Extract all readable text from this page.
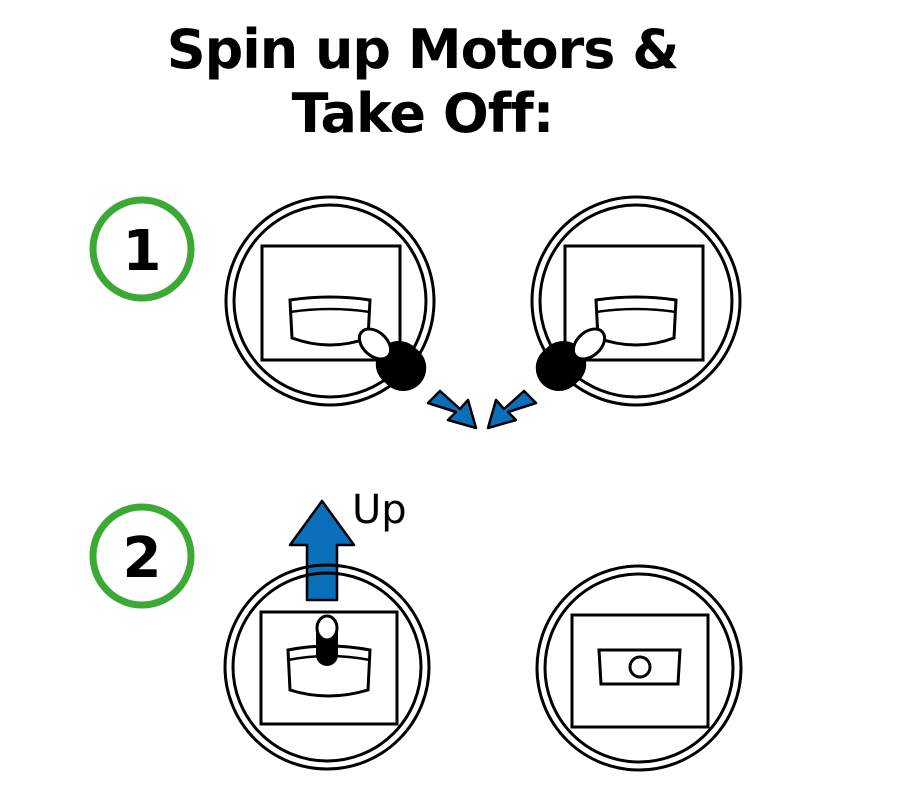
Spin up Motors &
Take Off:
1
2
Up
